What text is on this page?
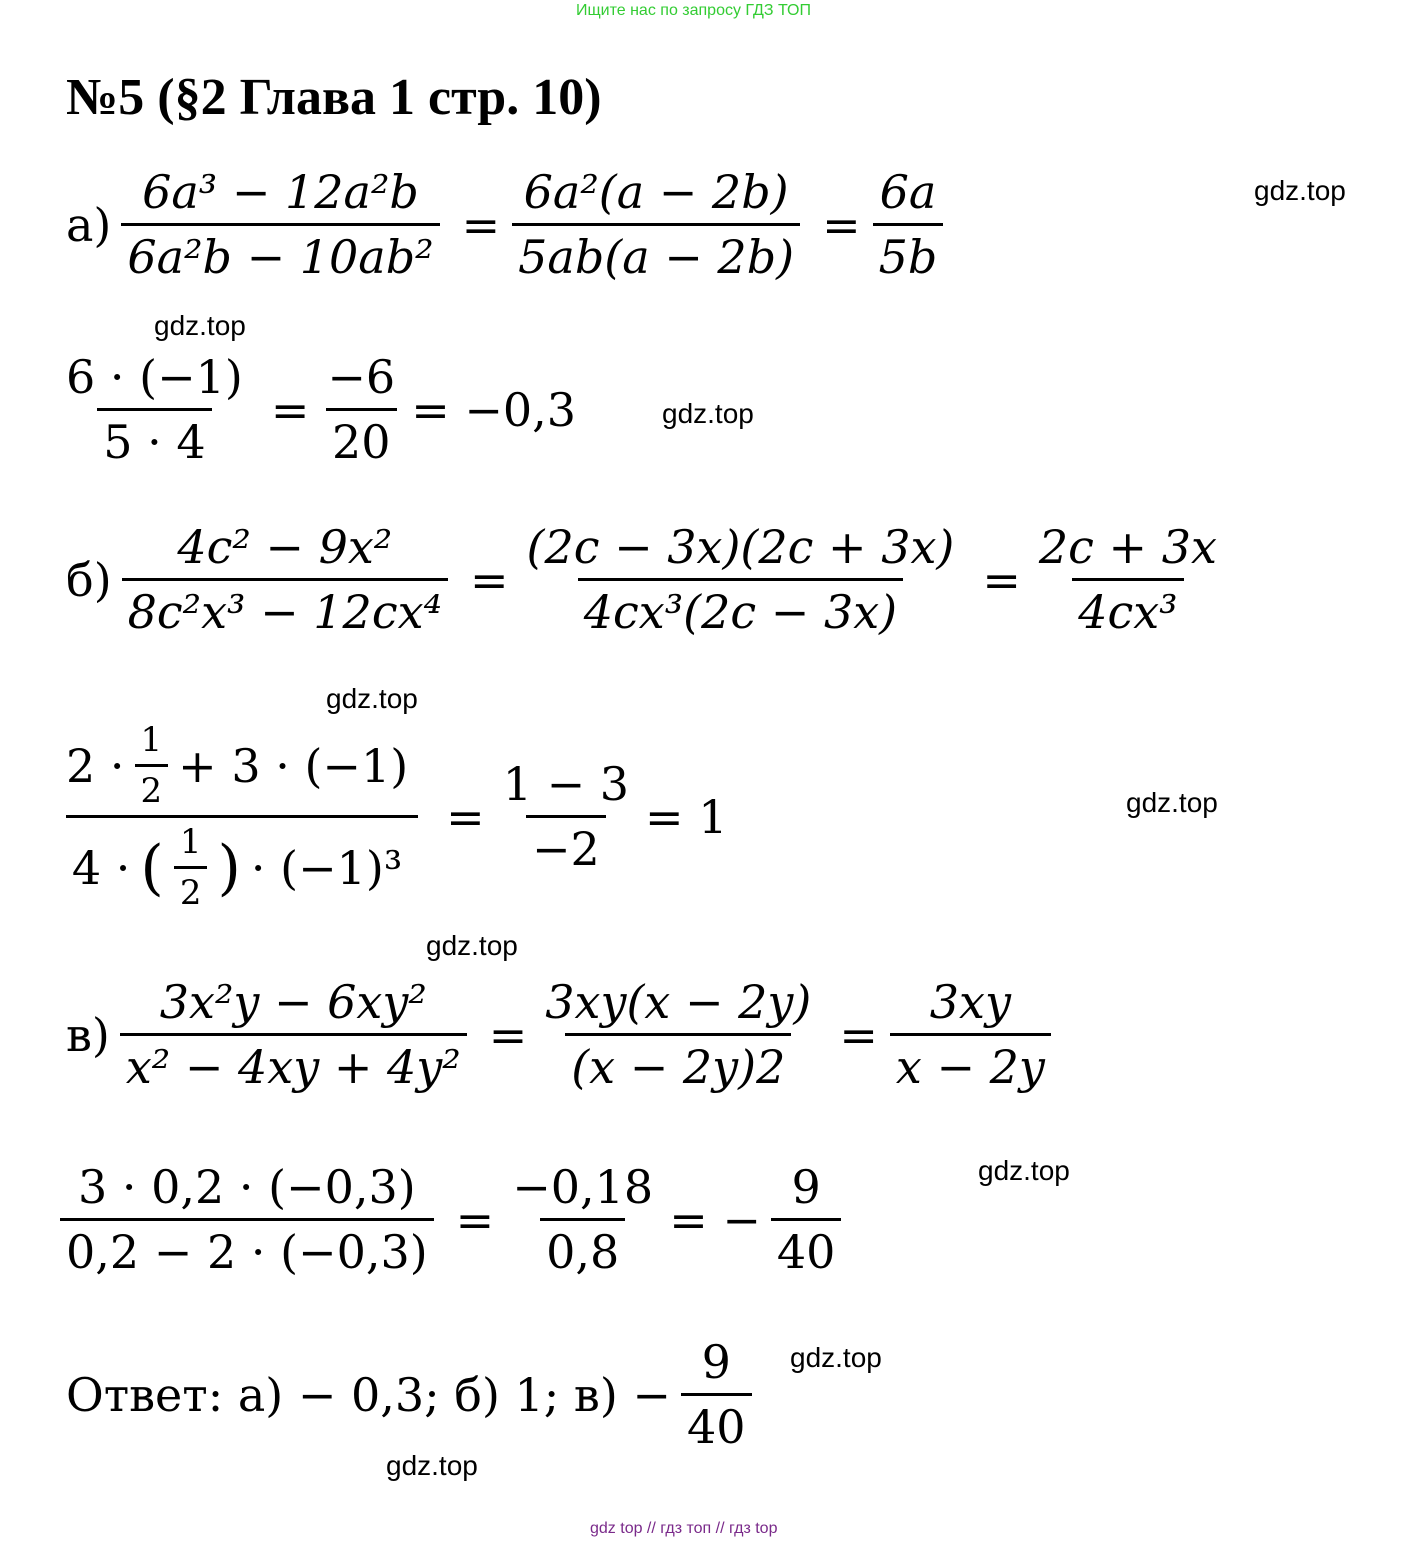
Ищите нас по запросу ГДЗ ТОП
№5 (§2 Глава 1 стр. 10)
gdz.top
gdz.top
gdz.top
gdz.top
gdz.top
gdz.top
gdz.top
gdz.top
gdz.top
$а) \frac{\text{6a³ − 12a²b}}{\text{6a²b − 10ab²}} = \frac{\text{6a²(a − 2b)}}{5ab(a - 2b)} = \frac{6a}{5b}$
$\frac{6 \cdot (-1)}{5 \cdot 4} = \frac{-6}{20} = -0,3$
$б) \frac{\text{4c² − 9x²}}{\text{8c²x³ − 12cx⁴}} = \frac{(2c - 3x)(2c + 3x)}{\text{4cx³(2c − 3x)}} = \frac{2c + 3x}{\text{4cx³}}$
$2 \cdot \frac{1}{2} + 3 \cdot (-1)$
4 · ( $\frac{1}{2}$ ) · (−1)³
= $\frac{1 - 3}{-2} = 1$
$в) \frac{\text{3x²y − 6xy²}}{\text{x² − 4xy + 4y²}} = \frac{3xy(x - 2y)}{(x - 2y)2} = \frac{3xy}{x - 2y}$
$\frac{3 \cdot 0,2 \cdot (-0,3)}{0,2 - 2 \cdot (-0,3)} = \frac{-0,18}{0,8}$ = − $\frac{9}{40}$
Ответ: а) − 0,3; б) 1; $в) - \frac{9}{40}$
gdz top // гдз топ // гдз top
